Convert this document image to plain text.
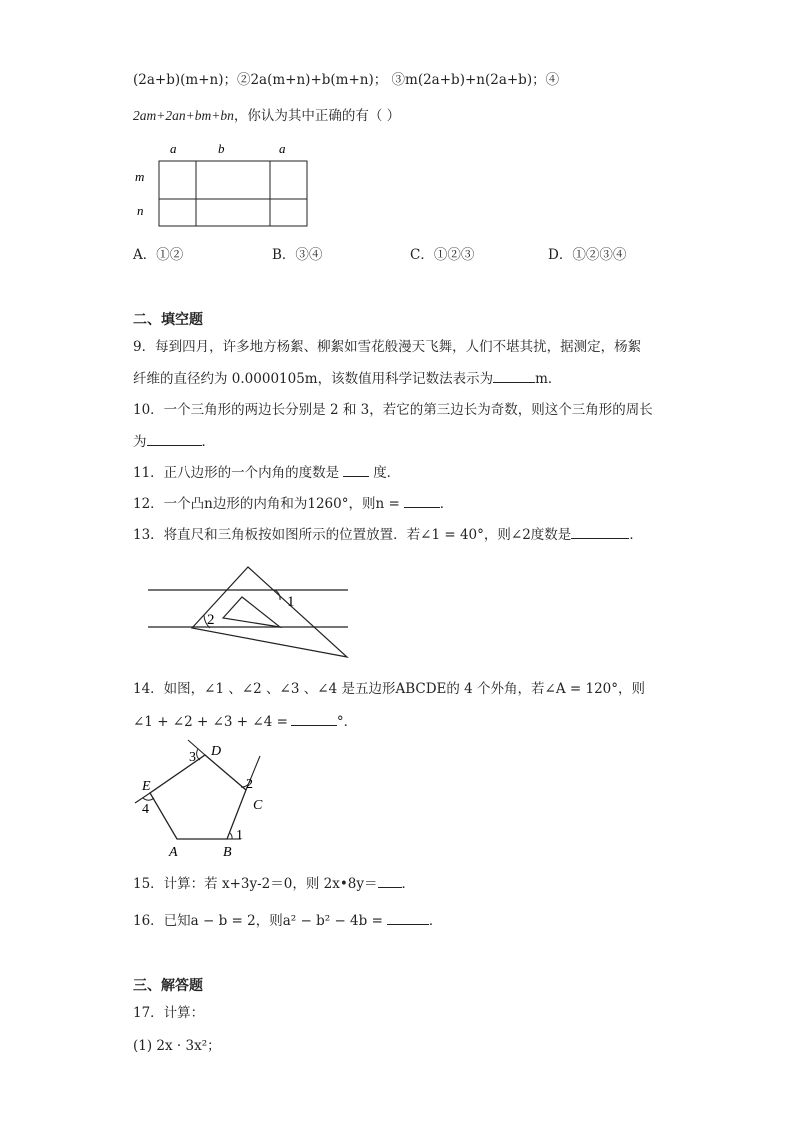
(2a+b)(m+n)；②2a(m+n)+b(m+n)； ③m(2a+b)+n(2a+b)；④
2am+2an+bm+bn，你认为其中正确的有（ ）
a	b	a
m
n
A．①②	B．③④	C．①②③	D．①②③④
二、填空题
9．每到四月，许多地方杨絮、柳絮如雪花般漫天飞舞，人们不堪其扰，据测定，杨絮
纤维的直径约为 0.0000105m，该数值用科学记数法表示为	m．
10．一个三角形的两边长分别是 2 和 3，若它的第三边长为奇数，则这个三角形的周长
为	．
11．正八边形的一个内角的度数是	度．
12．一个凸n边形的内角和为1260°，则n =	．
13．将直尺和三角板按如图所示的位置放置．若∠1 = 40°，则∠2度数是	．
2
1
14．如图，∠1 、∠2 、∠3 、∠4 是五边形ABCDE的 4 个外角，若∠A = 120°，则
∠1 + ∠2 + ∠3 + ∠4 =	°．
A	B
C
D
E
1
2
3
4
15．计算：若 x+3y-2＝0，则 2x•8y＝ ．
16．已知a − b = 2，则a² − b² − 4b =	．
三、解答题
17．计算：
(1) 2x · 3x²；
